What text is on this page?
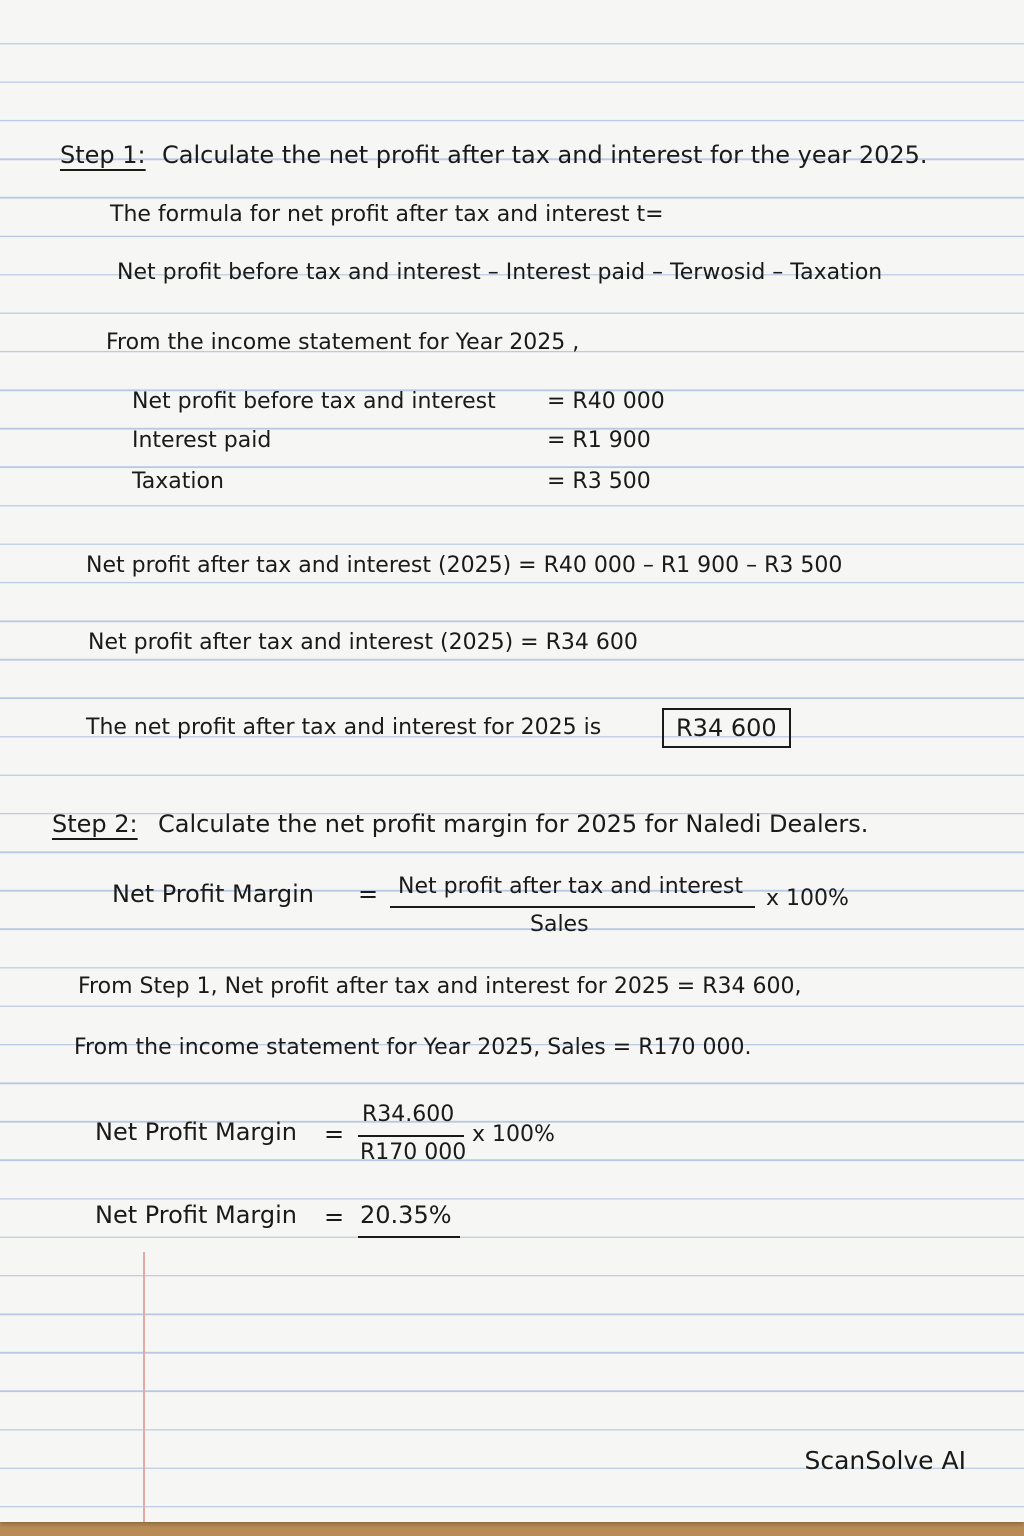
Step 1: Calculate the net profit after tax and interest for the year 2025.
The formula for net profit after tax and interest t=
Net profit before tax and interest – Interest paid – Terwosid – Taxation
From the income statement for Year 2025 ,
Net profit before tax and interest = R40 000
Interest paid	= R1 900
Taxation	= R3 500
Net profit after tax and interest (2025) = R40 000 – R1 900 – R3 500
Net profit after tax and interest (2025) = R34 600
The net profit after tax and interest for 2025 is	R34 600
Step 2: Calculate the net profit margin for 2025 for Naledi Dealers.
Net Profit Margin = Net profit after tax and interest
Sales
x 100%
From Step 1, Net profit after tax and interest for 2025 = R34 600,
From the income statement for Year 2025, Sales = R170 000.
Net Profit Margin =
R34.600
R170 000
x 100%
Net Profit Margin = 20.35%
ScanSolve AI
